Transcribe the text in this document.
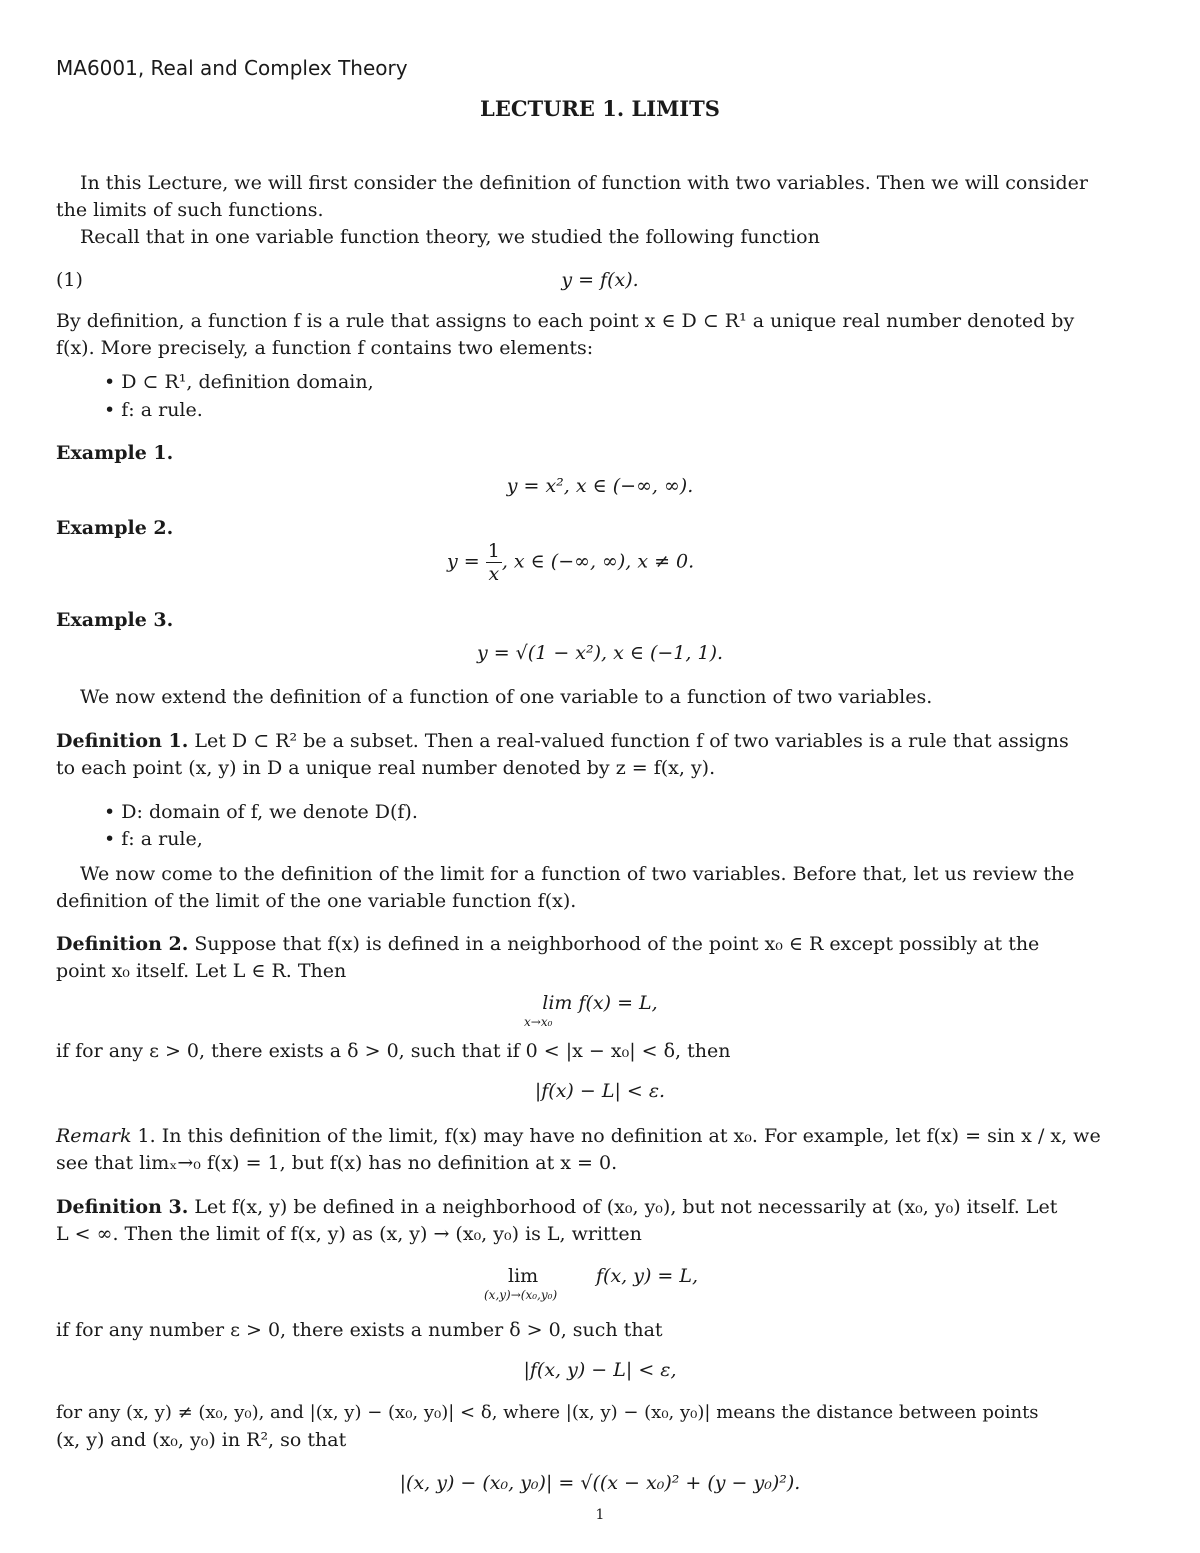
MA6001, Real and Complex Theory
LECTURE 1. LIMITS
In this Lecture, we will first consider the definition of function with two variables. Then we will consider
the limits of such functions.
Recall that in one variable function theory, we studied the following function
(1)	y = f(x).
By definition, a function f is a rule that assigns to each point x ∈ D ⊂ R¹ a unique real number denoted by
f(x). More precisely, a function f contains two elements:
• D ⊂ R¹, definition domain,
• f: a rule.
Example 1.
y = x², x ∈ (−∞, ∞).
Example 2.
$y = \frac{1}{x}$ , x ∈ (−∞, ∞), x ≠ 0.
Example 3.
y = √(1 − x²), x ∈ (−1, 1).
We now extend the definition of a function of one variable to a function of two variables.
Definition 1. Let D ⊂ R² be a subset. Then a real-valued function f of two variables is a rule that assigns
to each point (x, y) in D a unique real number denoted by z = f(x, y).
• D: domain of f, we denote D(f).
• f: a rule,
We now come to the definition of the limit for a function of two variables. Before that, let us review the
definition of the limit of the one variable function f(x).
Definition 2. Suppose that f(x) is defined in a neighborhood of the point x₀ ∈ R except possibly at the
point x₀ itself. Let L ∈ R. Then
lim f(x) = L,
x→x₀
if for any ε > 0, there exists a δ > 0, such that if 0 < |x − x₀| < δ, then
|f(x) − L| < ε.
Remark 1. In this definition of the limit, f(x) may have no definition at x₀. For example, let f(x) = sin x / x, we
see that limₓ→₀ f(x) = 1, but f(x) has no definition at x = 0.
Definition 3. Let f(x, y) be defined in a neighborhood of (x₀, y₀), but not necessarily at (x₀, y₀) itself. Let
L < ∞. Then the limit of f(x, y) as (x, y) → (x₀, y₀) is L, written
lim	f(x, y) = L,
(x,y)→(x₀,y₀)
if for any number ε > 0, there exists a number δ > 0, such that
|f(x, y) − L| < ε,
for any (x, y) ≠ (x₀, y₀), and |(x, y) − (x₀, y₀)| < δ, where |(x, y) − (x₀, y₀)| means the distance between points
(x, y) and (x₀, y₀) in R², so that
|(x, y) − (x₀, y₀)| = √((x − x₀)² + (y − y₀)²).
1
